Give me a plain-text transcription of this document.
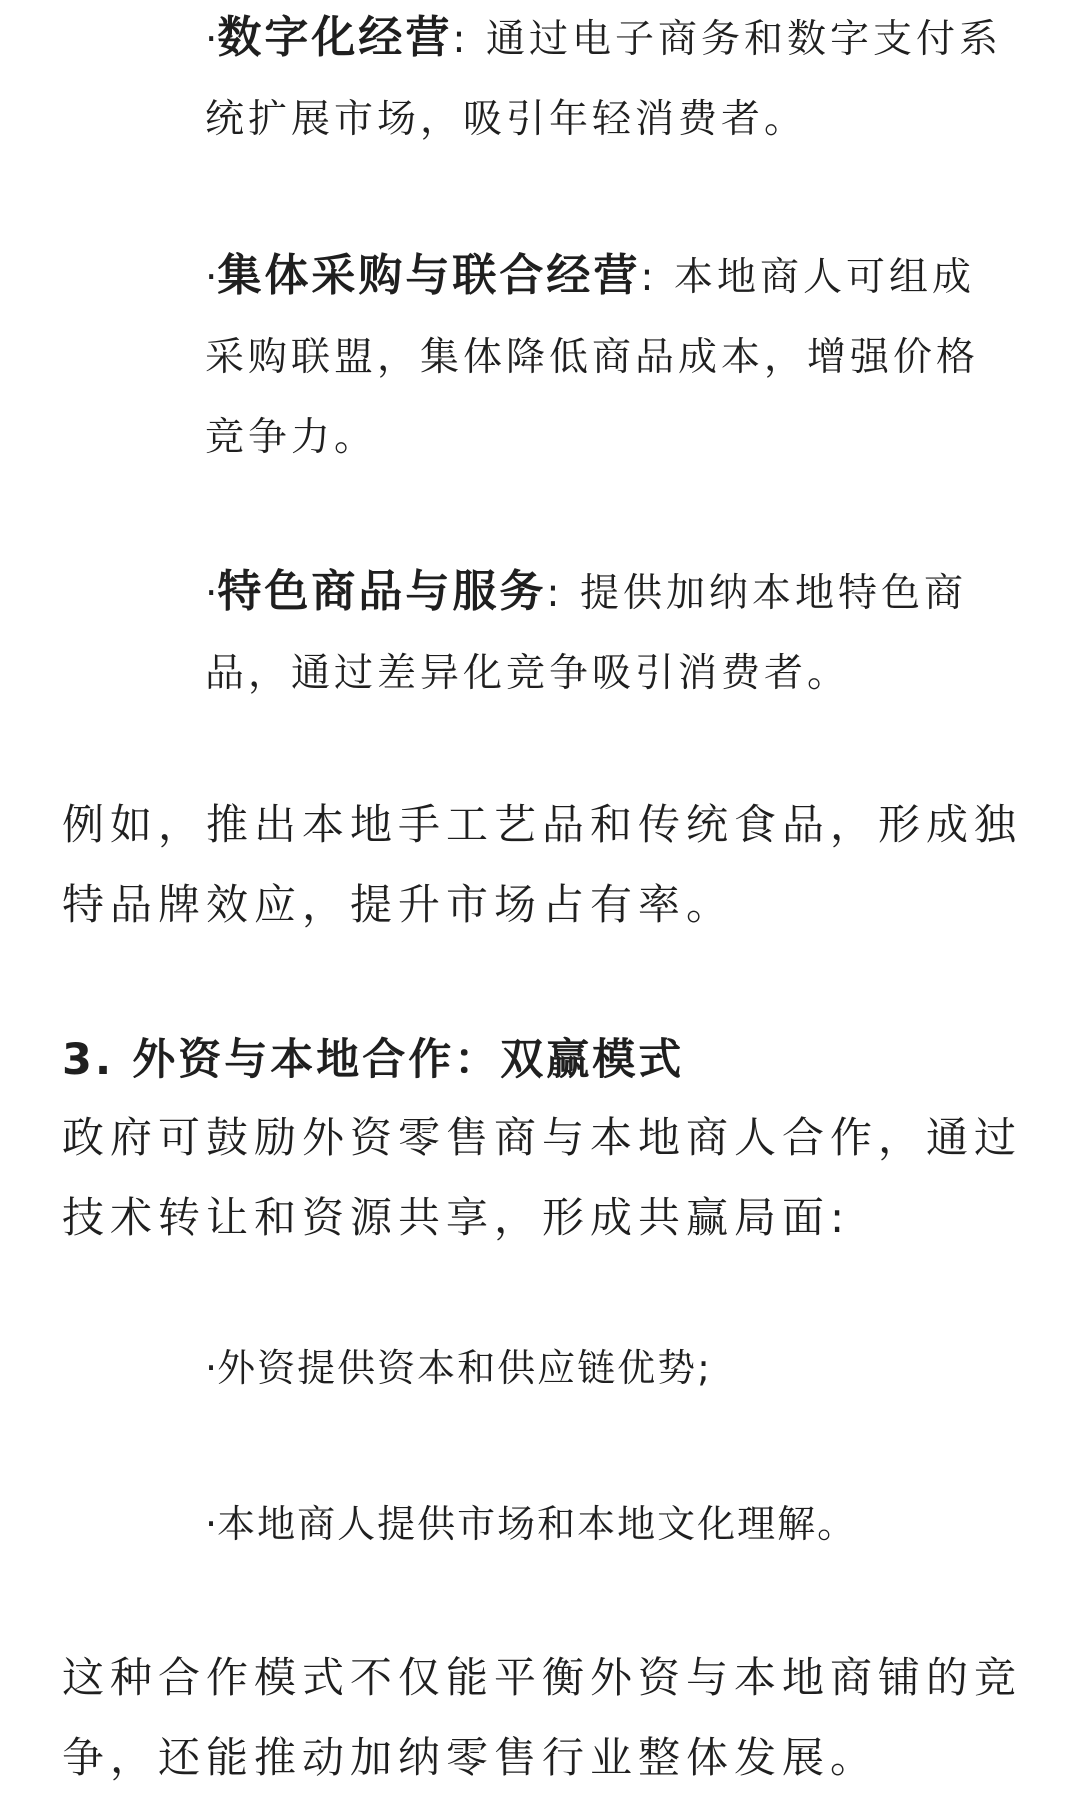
·数字化经营: 通过电子商务和数字支付系统扩展市场，吸引年轻消费者。
·集体采购与联合经营: 本地商人可组成采购联盟，集体降低商品成本，增强价格竞争力。
·特色商品与服务: 提供加纳本地特色商品，通过差异化竞争吸引消费者。

例如，推出本地手工艺品和传统食品，形成独特品牌效应，提升市场占有率。

3. 外资与本地合作：双赢模式

政府可鼓励外资零售商与本地商人合作，通过技术转让和资源共享，形成共赢局面:

·外资提供资本和供应链优势;
·本地商人提供市场和本地文化理解。

这种合作模式不仅能平衡外资与本地商铺的竞争，还能推动加纳零售行业整体发展。
